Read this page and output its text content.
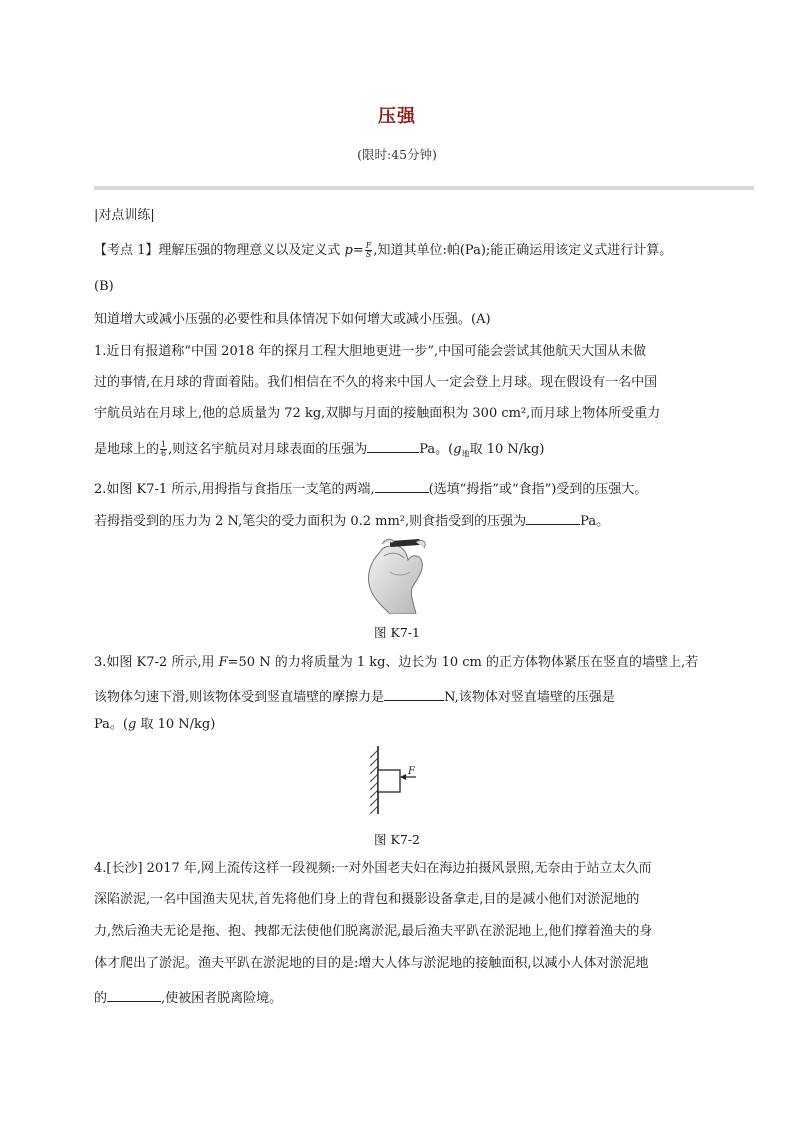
压强
(限时:45分钟)
|对点训练|
【考点 1】理解压强的物理意义以及定义式 $p= \frac{F}{S}$ ,知道其单位:帕(Pa);能正确运用该定义式进行计算。
(B)
知道增大或减小压强的必要性和具体情况下如何增大或减小压强。(A)
1.近日有报道称“中国 2018 年的探月工程大胆地更进一步”,中国可能会尝试其他航天大国从未做
过的事情,在月球的背面着陆。我们相信在不久的将来中国人一定会登上月球。现在假设有一名中国
宇航员站在月球上,他的总质量为 72 kg,双脚与月面的接触面积为 300 cm²,而月球上物体所受重力
是地球上的 $\frac{1}{6}$ ,则这名宇航员对月球表面的压强为	Pa。($g_地$取 10 N/kg)
2.如图 K7-1 所示,用拇指与食指压一支笔的两端,	(选填“拇指”或“食指”)受到的压强大。
若拇指受到的压力为 2 N,笔尖的受力面积为 0.2 mm²,则食指受到的压强为	Pa。
图 K7-1
3.如图 K7-2 所示,用 F=50 N 的力将质量为 1 kg、边长为 10 cm 的正方体物体紧压在竖直的墙壁上,若
该物体匀速下滑,则该物体受到竖直墙壁的摩擦力是	N,该物体对竖直墙壁的压强是
Pa。(g 取 10 N/kg)
F
图 K7-2
4.[长沙] 2017 年,网上流传这样一段视频:一对外国老夫妇在海边拍摄风景照,无奈由于站立太久而
深陷淤泥,一名中国渔夫见状,首先将他们身上的背包和摄影设备拿走,目的是减小他们对淤泥地的
力,然后渔夫无论是拖、抱、拽都无法使他们脱离淤泥,最后渔夫平趴在淤泥地上,他们撑着渔夫的身
体才爬出了淤泥。渔夫平趴在淤泥地的目的是:增大人体与淤泥地的接触面积,以减小人体对淤泥地
的	,使被困者脱离险境。
